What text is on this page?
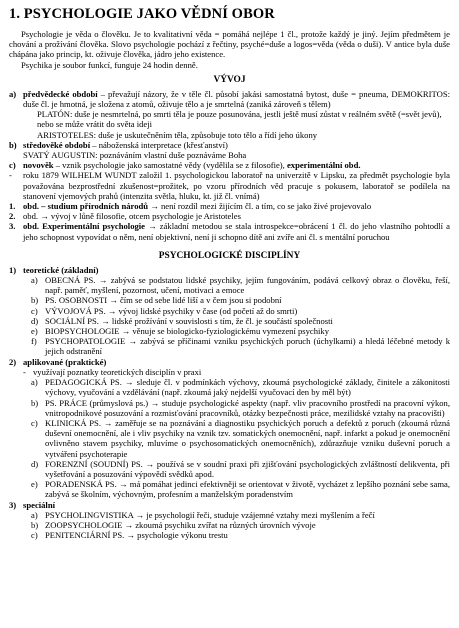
1. PSYCHOLOGIE JAKO VĚDNÍ OBOR

Psychologie je věda o člověku. Je to kvalitativní věda = pomáhá nejlépe 1 čl., protože každý je jiný. Jejím předmětem je chování a prožívání člověka. Slovo psychologie pochází z řečtiny, psyché=duše a logos=věda (věda o duši). V antice byla duše chápána jako princip, kt. oživuje člověka, jádro jeho existence.

Psychika je soubor funkcí, funguje 24 hodin denně.

VÝVOJ
a) předvědecké období – převažují názory, že v těle čl. působí jakási samostatná bytost, duše = pneuma, DEMOKRITOS: duše čl. je hmotná, je složena z atomů, oživuje tělo a je smrtelná (zaniká zároveň s tělem)
PLATÓN: duše je nesmrtelná, po smrti těla je pouze posunována, jestli ještě musí zůstat v reálném světě (=svět jevů), nebo se může vrátit do světa ideji
ARISTOTELES: duše je uskutečněním těla, způsobuje toto tělo a řídí jeho úkony
b) středověké období – náboženská interpretace (křesťanství)
SVATÝ AUGUSTIN: poznáváním vlastní duše poznáváme Boha
c) novověk – vznik psychologie jako samostatné vědy (vydělila se z filosofie), experimentální obd.
-	roku 1879 WILHELM WUNDT založil 1. psychologickou laboratoř na univerzitě v Lipsku, za předmět psychologie byla považována bezprostřední zkušenost=prožitek, po vzoru přírodních věd pracuje s pokusem, laboratoř se podílela na stanovení vjemových prahů (intenzita světla, hluku, kt. již čl. vnímá)
1. obd. – studium přírodních národů → není rozdíl mezi žijícím čl. a tím, co se jako živé projevovalo
2. obd. → vývoj v lůně filosofie, otcem psychologie je Aristoteles
3. obd. Experimentální psychologie → základní metodou se stala introspekce=obrácení 1 čl. do jeho vlastního pohtodlí a jeho schopnost vypovídat o něm, není objektivní, není ji schopno dítě ani zvíře ani čl. s mentální poruchou
PSYCHOLOGICKÉ DISCIPLÍNY
1) teoretické (základní)
a) OBECNÁ PS. → zabývá se podstatou lidské psychiky, jejím fungováním, podává celkový obraz o člověku, řeší, např. paměť, myšlení, pozornost, učení, motivaci a emoce
b) PS. OSOBNOSTI → čím se od sebe lidé liší a v čem jsou si podobní
c) VÝVOJOVÁ PS. → vývoj lidské psychiky v čase (od početí až do smrti)
d) SOCIÁLNÍ PS. → lidské prožívání v souvislosti s tím, že čl. je součástí společnosti
e) BIOPSYCHOLOGIE → věnuje se biologicko-fyziologickému vymezení psychiky
f) PSYCHOPATOLOGIE → zabývá se příčinami vzniku psychických poruch (úchylkami) a hledá léčebné metody k jejich odstranění
2) aplikované (praktické)
- využívají poznatky teoretických disciplín v praxi
a) PEDAGOGICKÁ PS. → sleduje čl. v podmínkách výchovy, zkoumá psychologické základy, činitele a zákonitosti výchovy, vyučování a vzdělávání (např. zkoumá jaký nejdelší vyučovací den by měl být)
b) PS. PRÁCE (průmyslová ps.) → studuje psychologické aspekty (např. vliv pracovního prostředí na pracovní výkon, vnitropodnikové posuzování a rozmisťování pracovníků, otázky bezpečnosti práce, mezilidské vztahy na pracovišti)
c) KLINICKÁ PS. → zaměřuje se na poznávání a diagnostiku psychických poruch a defektů z poruch (zkoumá různá duševní onemocnění, ale i vliv psychiky na vznik tzv. somatických onemocnění, např. infarkt a pokud je onemocnění ovlivněno stavem psychiky, mluvíme o psychosomatických onemocněních), zdůrazňuje vzniku duševní poruch a vytváření psychoterapie
d) FORENZNÍ (SOUDNÍ) PS. → používá se v soudní praxi při zjišťování psychologických zvláštností delikventa, při vyšetřování a posuzování výpovědí svědků apod.
e) PORADENSKÁ PS. → má pomáhat jedinci efektivněji se orientovat v životě, vycházet z lepšího poznání sebe sama, zabývá se školním, výchovným, profesním a manželským poradenstvím
3) speciální
a) PSYCHOLINGVISTIKA → je psychologií řeči, studuje vzájemné vztahy mezi myšlením a řečí
b) ZOOPSYCHOLOGIE → zkoumá psychiku zvířat na různých úrovních vývoje
c) PENITENCIÁRNÍ PS. → psychologie výkonu trestu
